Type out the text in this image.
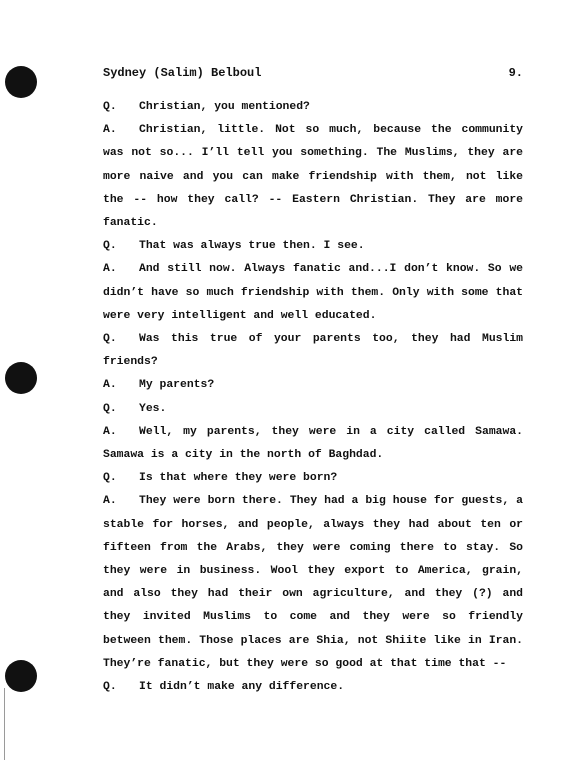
Sydney (Salim) Belboul	9.

Q. Christian, you mentioned?

A. Christian, little. Not so much, because the community was not so... I’ll tell you something. The Muslims, they are more naive and you can make friendship with them, not like the -- how they call? -- Eastern Christian. They are more fanatic.

Q. That was always true then. I see.

A. And still now. Always fanatic and...I don’t know. So we didn’t have so much friendship with them. Only with some that were very intelligent and well educated.

Q. Was this true of your parents too, they had Muslim friends?

A. My parents?

Q. Yes.

A. Well, my parents, they were in a city called Samawa. Samawa is a city in the north of Baghdad.

Q. Is that where they were born?

A. They were born there. They had a big house for guests, a stable for horses, and people, always they had about ten or fifteen from the Arabs, they were coming there to stay. So they were in business. Wool they export to America, grain, and also they had their own agriculture, and they (?) and they invited Muslims to come and they were so friendly between them. Those places are Shia, not Shiite like in Iran. They’re fanatic, but they were so good at that time that --

Q. It didn’t make any difference.
